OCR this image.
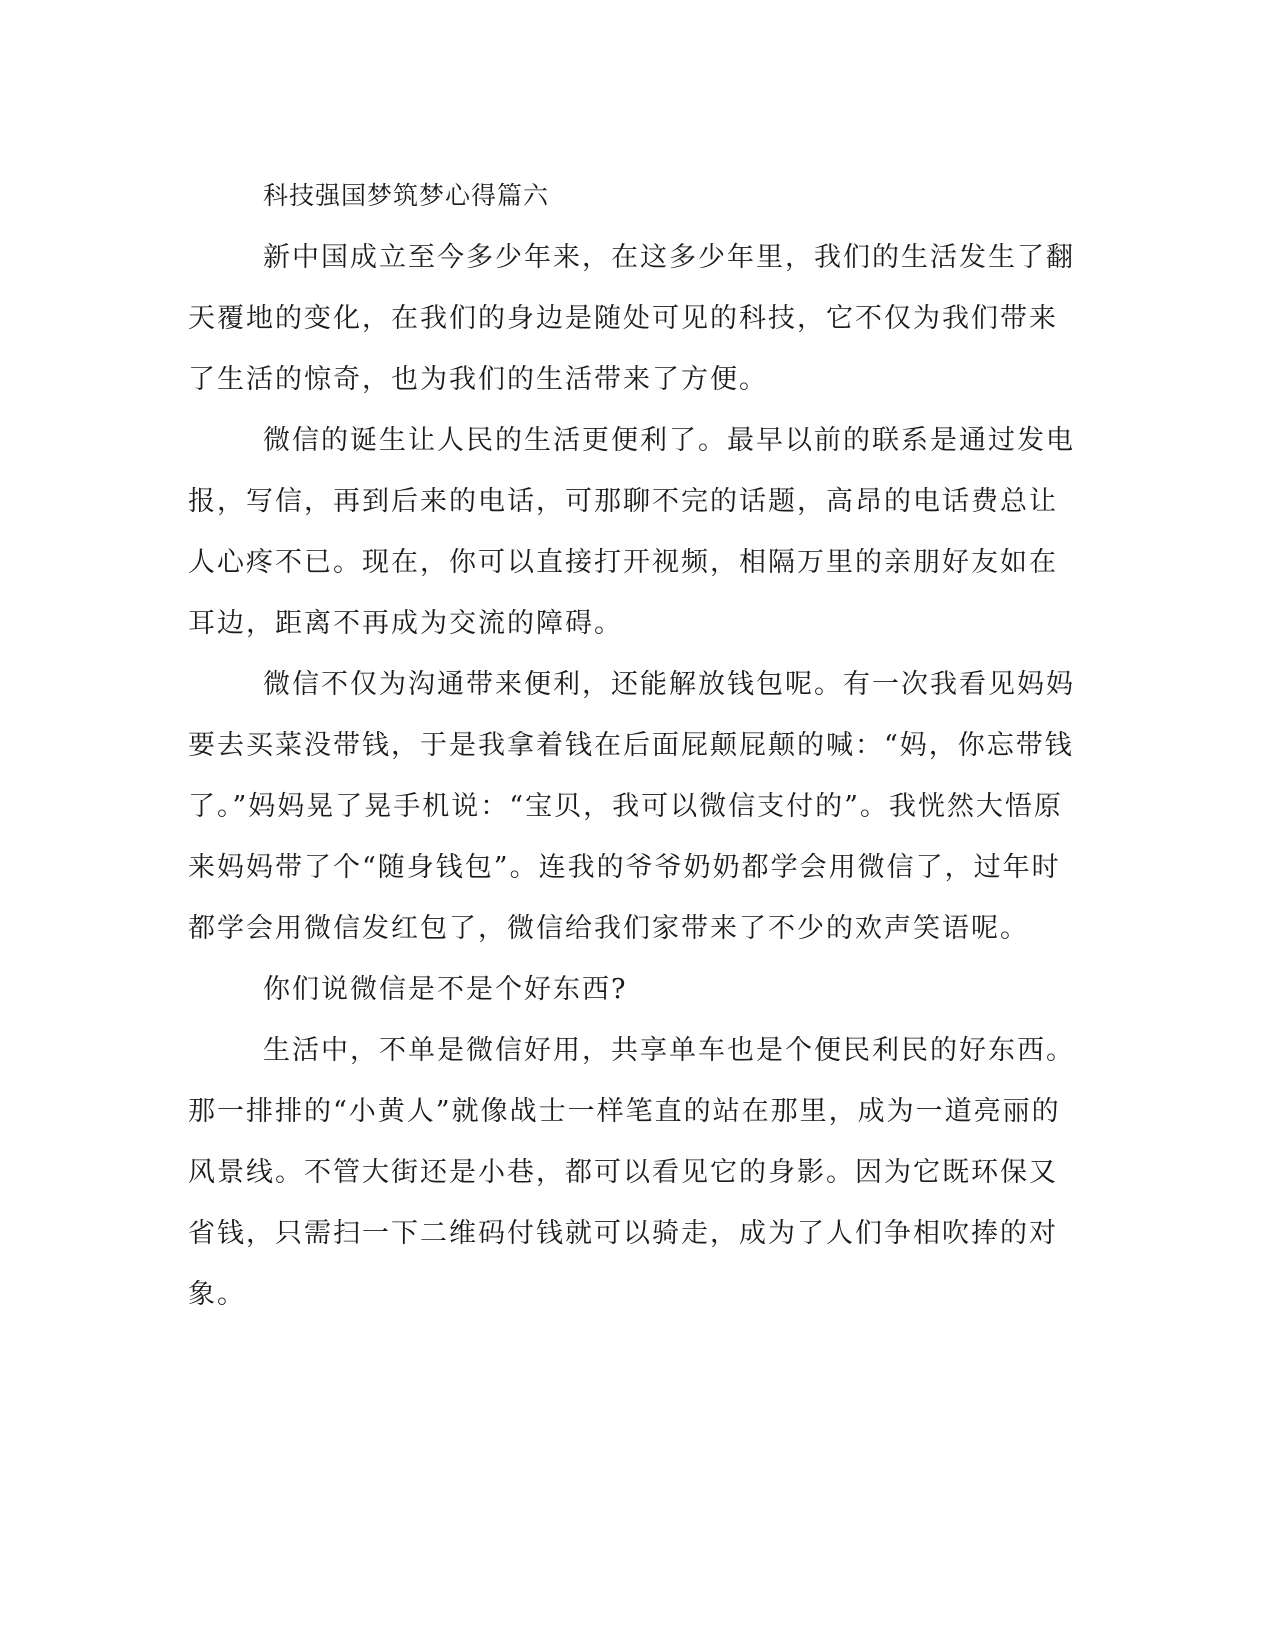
科技强国梦筑梦心得篇六

新中国成立至今多少年来，在这多少年里，我们的生活发生了翻
天覆地的变化，在我们的身边是随处可见的科技，它不仅为我们带来
了生活的惊奇，也为我们的生活带来了方便。

微信的诞生让人民的生活更便利了。最早以前的联系是通过发电
报，写信，再到后来的电话，可那聊不完的话题，高昂的电话费总让
人心疼不已。现在，你可以直接打开视频，相隔万里的亲朋好友如在
耳边，距离不再成为交流的障碍。

微信不仅为沟通带来便利，还能解放钱包呢。有一次我看见妈妈
要去买菜没带钱，于是我拿着钱在后面屁颠屁颠的喊：“妈，你忘带钱
了。”妈妈晃了晃手机说：“宝贝，我可以微信支付的”。我恍然大悟原
来妈妈带了个“随身钱包”。连我的爷爷奶奶都学会用微信了，过年时
都学会用微信发红包了，微信给我们家带来了不少的欢声笑语呢。

你们说微信是不是个好东西?

生活中，不单是微信好用，共享单车也是个便民利民的好东西。
那一排排的“小黄人”就像战士一样笔直的站在那里，成为一道亮丽的
风景线。不管大街还是小巷，都可以看见它的身影。因为它既环保又
省钱，只需扫一下二维码付钱就可以骑走，成为了人们争相吹捧的对
象。
